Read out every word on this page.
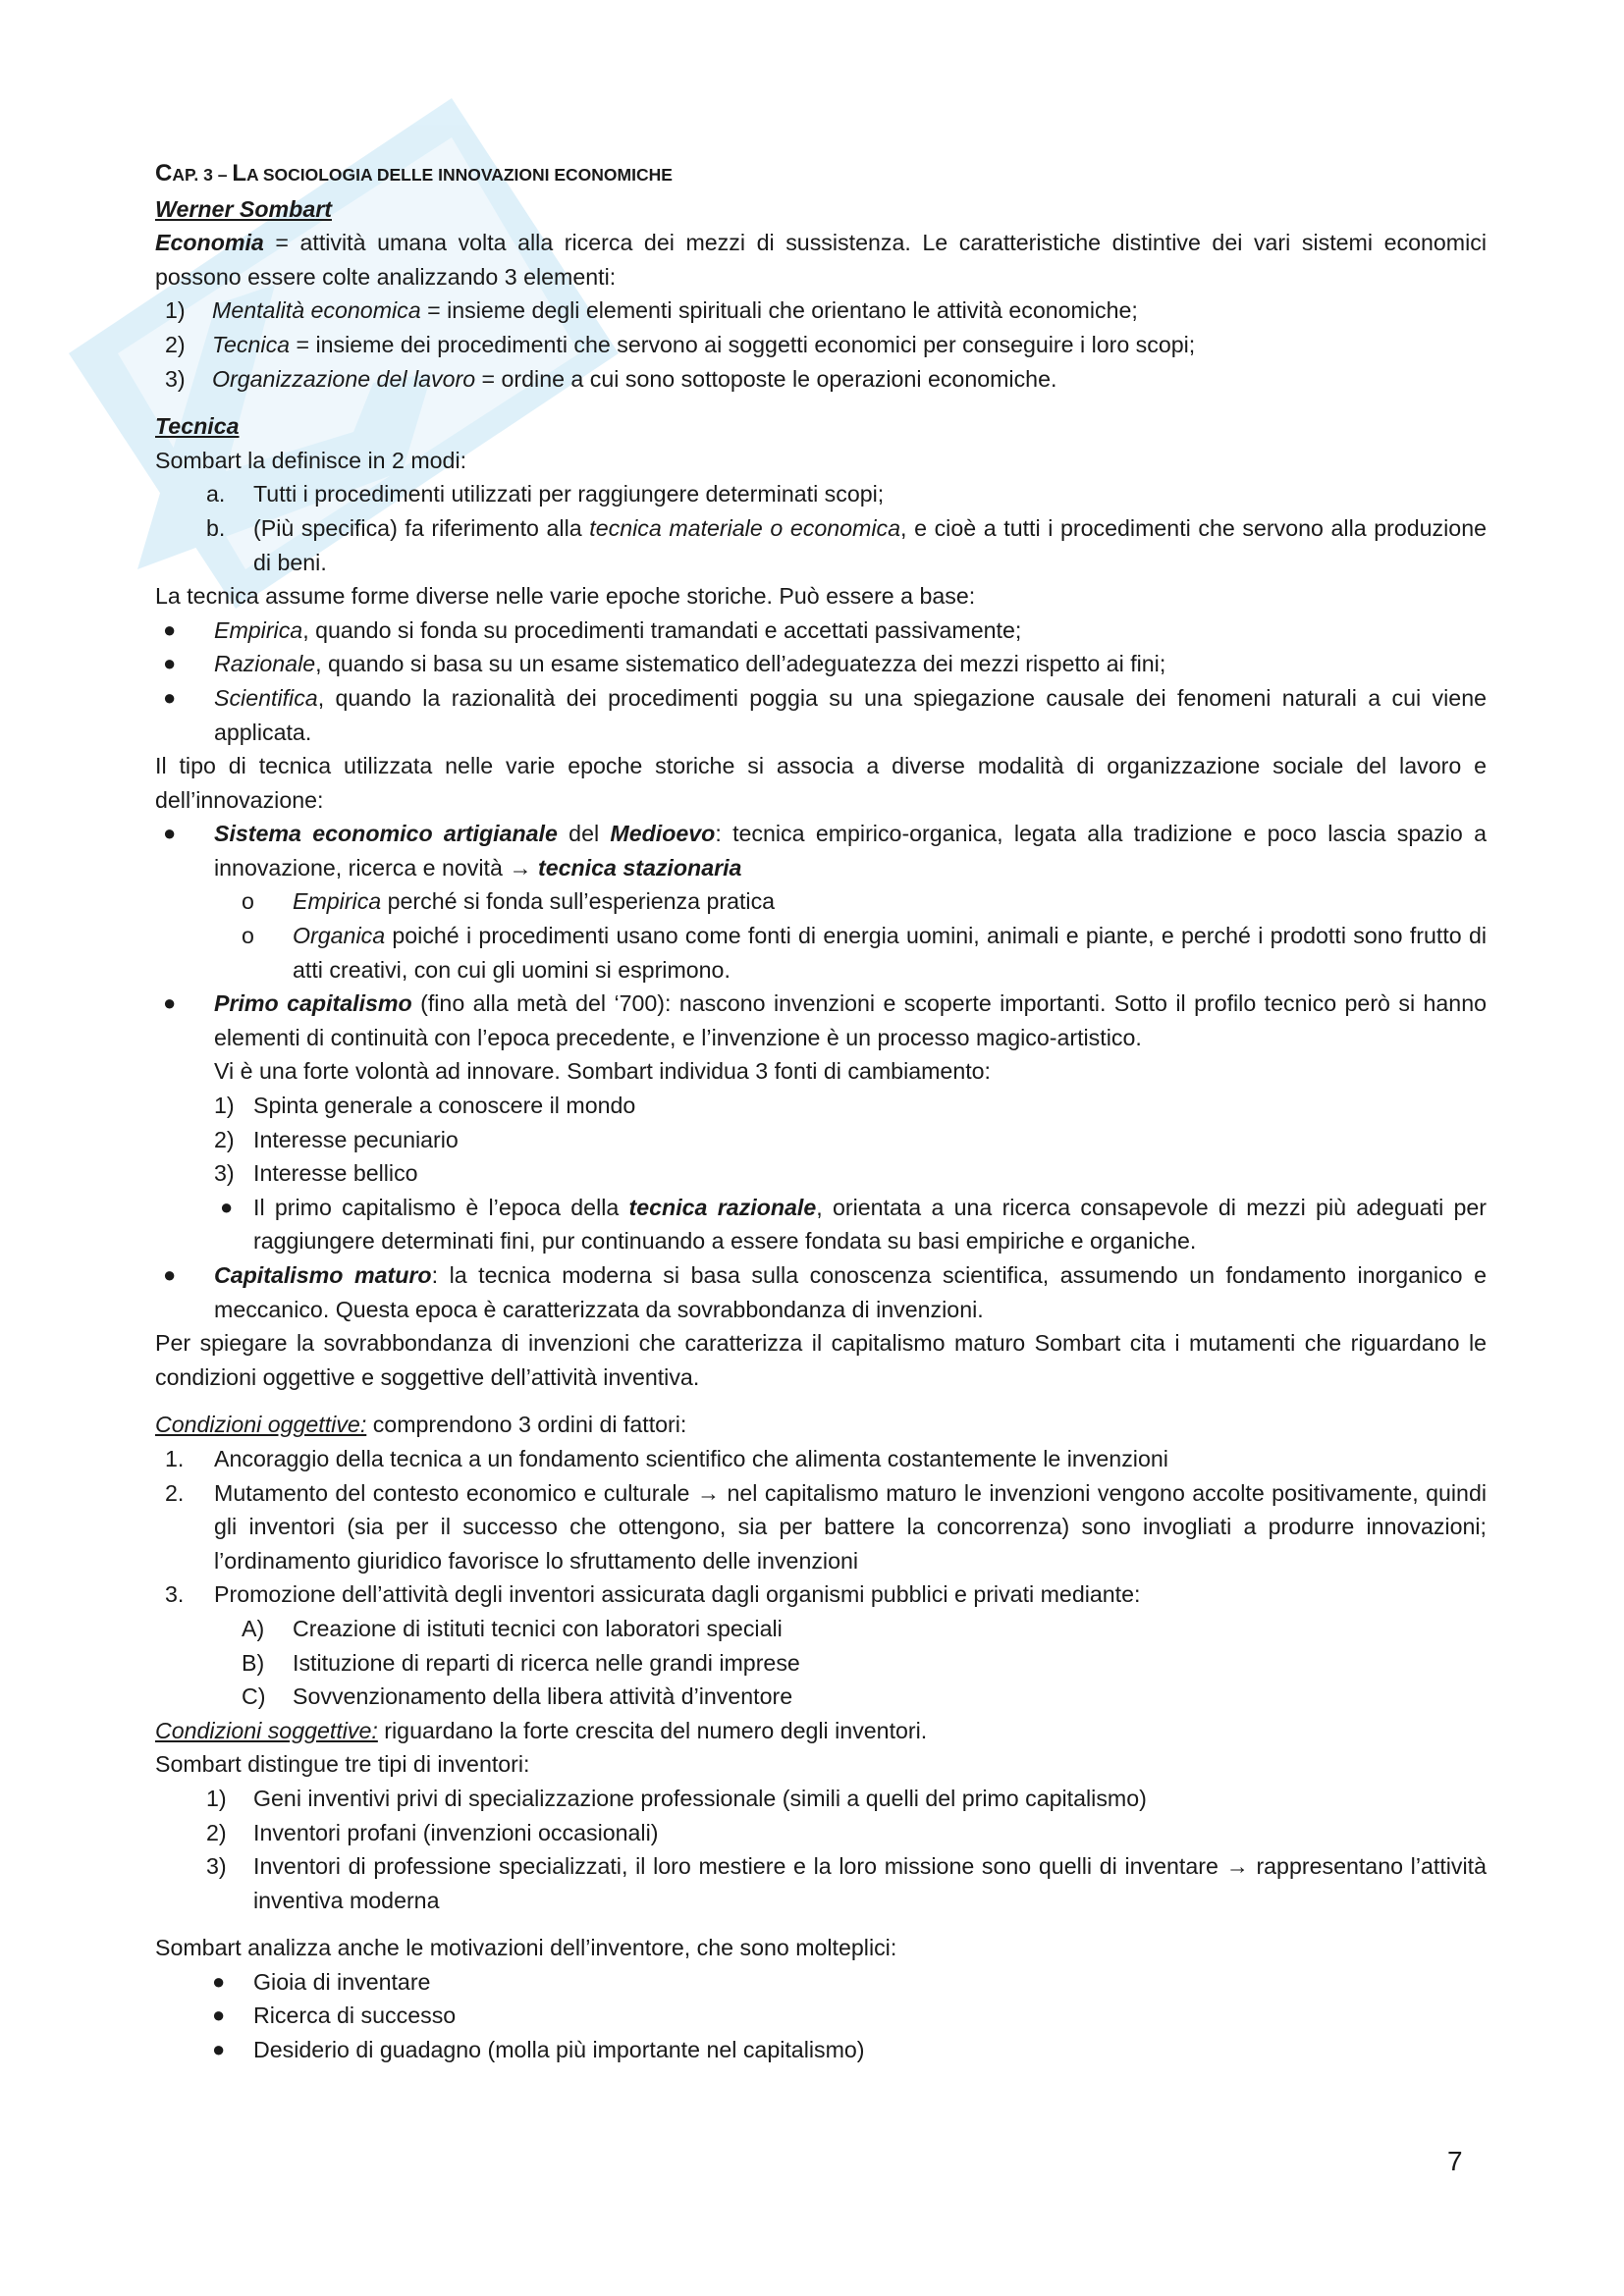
CAP. 3 – LA SOCIOLOGIA DELLE INNOVAZIONI ECONOMICHE
Werner Sombart

Economia = attività umana volta alla ricerca dei mezzi di sussistenza. Le caratteristiche distintive dei vari sistemi economici possono essere colte analizzando 3 elementi:

1) Mentalità economica = insieme degli elementi spirituali che orientano le attività economiche;
2) Tecnica = insieme dei procedimenti che servono ai soggetti economici per conseguire i loro scopi;
3) Organizzazione del lavoro = ordine a cui sono sottoposte le operazioni economiche.
Tecnica
Sombart la definisce in 2 modi:
a. Tutti i procedimenti utilizzati per raggiungere determinati scopi;
b. (Più specifica) fa riferimento alla tecnica materiale o economica, e cioè a tutti i procedimenti che servono alla produzione di beni.
La tecnica assume forme diverse nelle varie epoche storiche. Può essere a base:
● Empirica, quando si fonda su procedimenti tramandati e accettati passivamente;
● Razionale, quando si basa su un esame sistematico dell’adeguatezza dei mezzi rispetto ai fini;
● Scientifica, quando la razionalità dei procedimenti poggia su una spiegazione causale dei fenomeni naturali a cui viene applicata.

Il tipo di tecnica utilizzata nelle varie epoche storiche si associa a diverse modalità di organizzazione sociale del lavoro e dell’innovazione:

● Sistema economico artigianale del Medioevo: tecnica empirico-organica, legata alla tradizione e poco lascia spazio a innovazione, ricerca e novità → tecnica stazionaria
o Empirica perché si fonda sull’esperienza pratica
o Organica poiché i procedimenti usano come fonti di energia uomini, animali e piante, e perché i prodotti sono frutto di atti creativi, con cui gli uomini si esprimono.
● Primo capitalismo (fino alla metà del ‘700): nascono invenzioni e scoperte importanti. Sotto il profilo tecnico però si hanno elementi di continuità con l’epoca precedente, e l’invenzione è un processo magico-artistico.
Vi è una forte volontà ad innovare. Sombart individua 3 fonti di cambiamento:
1) Spinta generale a conoscere il mondo
2) Interesse pecuniario
3) Interesse bellico
● Il primo capitalismo è l’epoca della tecnica razionale, orientata a una ricerca consapevole di mezzi più adeguati per raggiungere determinati fini, pur continuando a essere fondata su basi empiriche e organiche.
● Capitalismo maturo: la tecnica moderna si basa sulla conoscenza scientifica, assumendo un fondamento inorganico e meccanico. Questa epoca è caratterizzata da sovrabbondanza di invenzioni.

Per spiegare la sovrabbondanza di invenzioni che caratterizza il capitalismo maturo Sombart cita i mutamenti che riguardano le condizioni oggettive e soggettive dell’attività inventiva.

Condizioni oggettive: comprendono 3 ordini di fattori:
1. Ancoraggio della tecnica a un fondamento scientifico che alimenta costantemente le invenzioni
2. Mutamento del contesto economico e culturale → nel capitalismo maturo le invenzioni vengono accolte positivamente, quindi gli inventori (sia per il successo che ottengono, sia per battere la concorrenza) sono invogliati a produrre innovazioni; l’ordinamento giuridico favorisce lo sfruttamento delle invenzioni
3. Promozione dell’attività degli inventori assicurata dagli organismi pubblici e privati mediante:
A) Creazione di istituti tecnici con laboratori speciali
B) Istituzione di reparti di ricerca nelle grandi imprese
C) Sovvenzionamento della libera attività d’inventore
Condizioni soggettive: riguardano la forte crescita del numero degli inventori.
Sombart distingue tre tipi di inventori:
1) Geni inventivi privi di specializzazione professionale (simili a quelli del primo capitalismo)
2) Inventori profani (invenzioni occasionali)
3) Inventori di professione specializzati, il loro mestiere e la loro missione sono quelli di inventare → rappresentano l’attività inventiva moderna
Sombart analizza anche le motivazioni dell’inventore, che sono molteplici:
● Gioia di inventare
● Ricerca di successo
● Desiderio di guadagno (molla più importante nel capitalismo)
7
